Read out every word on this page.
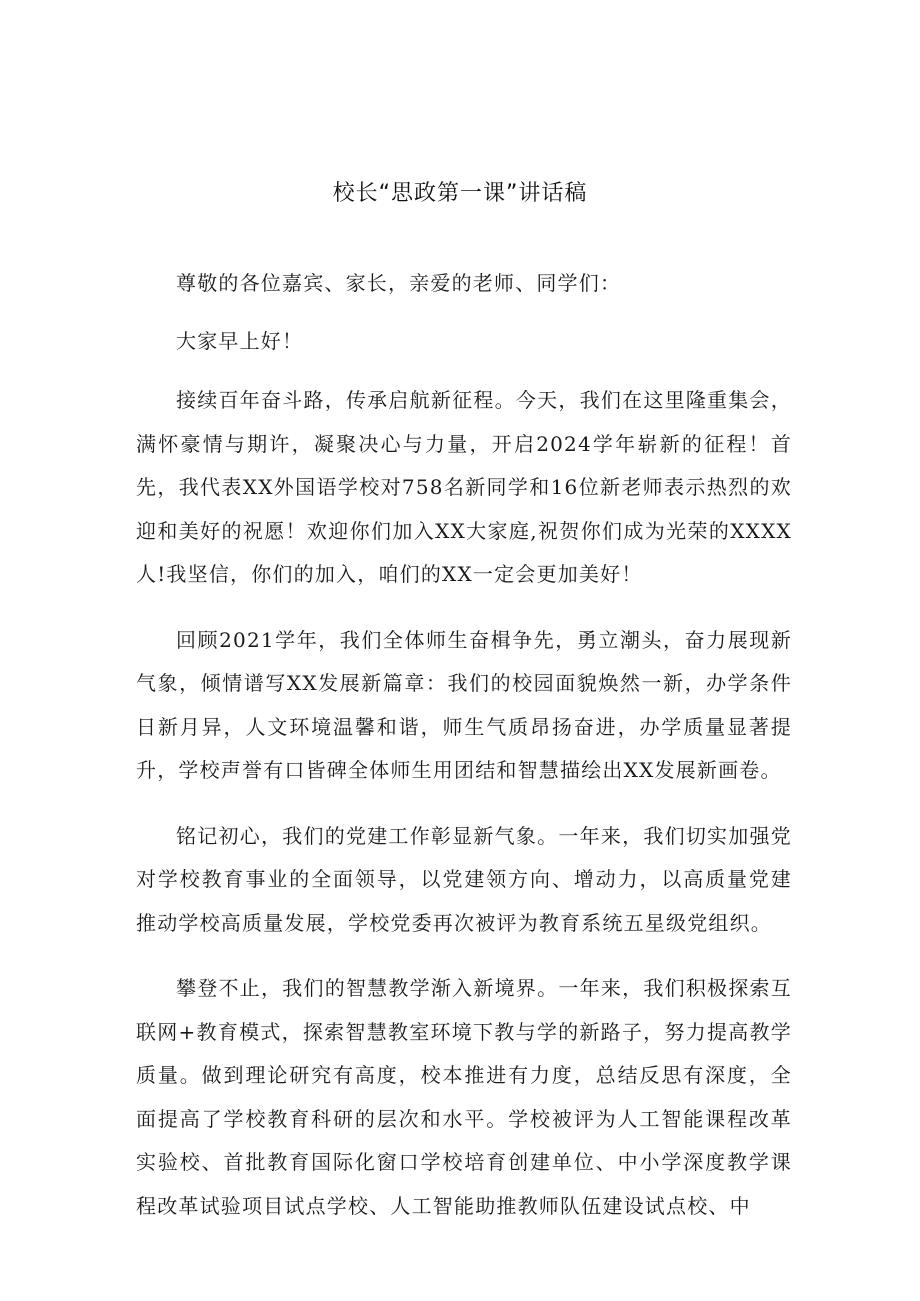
校长“思政第一课”讲话稿

尊敬的各位嘉宾、家长，亲爱的老师、同学们：

大家早上好！

接续百年奋斗路，传承启航新征程。今天，我们在这里隆重集会，满怀豪情与期许，凝聚决心与力量，开启2024学年崭新的征程！首先，我代表XX外国语学校对758名新同学和16位新老师表示热烈的欢迎和美好的祝愿！欢迎你们加入XX大家庭,祝贺你们成为光荣的XXXX人!我坚信，你们的加入，咱们的XX一定会更加美好！

回顾2021学年，我们全体师生奋楫争先，勇立潮头，奋力展现新气象，倾情谱写XX发展新篇章：我们的校园面貌焕然一新，办学条件日新月异，人文环境温馨和谐，师生气质昂扬奋进，办学质量显著提升，学校声誉有口皆碑全体师生用团结和智慧描绘出XX发展新画卷。

铭记初心，我们的党建工作彰显新气象。一年来，我们切实加强党对学校教育事业的全面领导，以党建领方向、增动力，以高质量党建推动学校高质量发展，学校党委再次被评为教育系统五星级党组织。

攀登不止，我们的智慧教学渐入新境界。一年来，我们积极探索互联网+教育模式，探索智慧教室环境下教与学的新路子，努力提高教学质量。做到理论研究有高度，校本推进有力度，总结反思有深度，全面提高了学校教育科研的层次和水平。学校被评为人工智能课程改革实验校、首批教育国际化窗口学校培育创建单位、中小学深度教学课程改革试验项目试点学校、人工智能助推教师队伍建设试点校、中
